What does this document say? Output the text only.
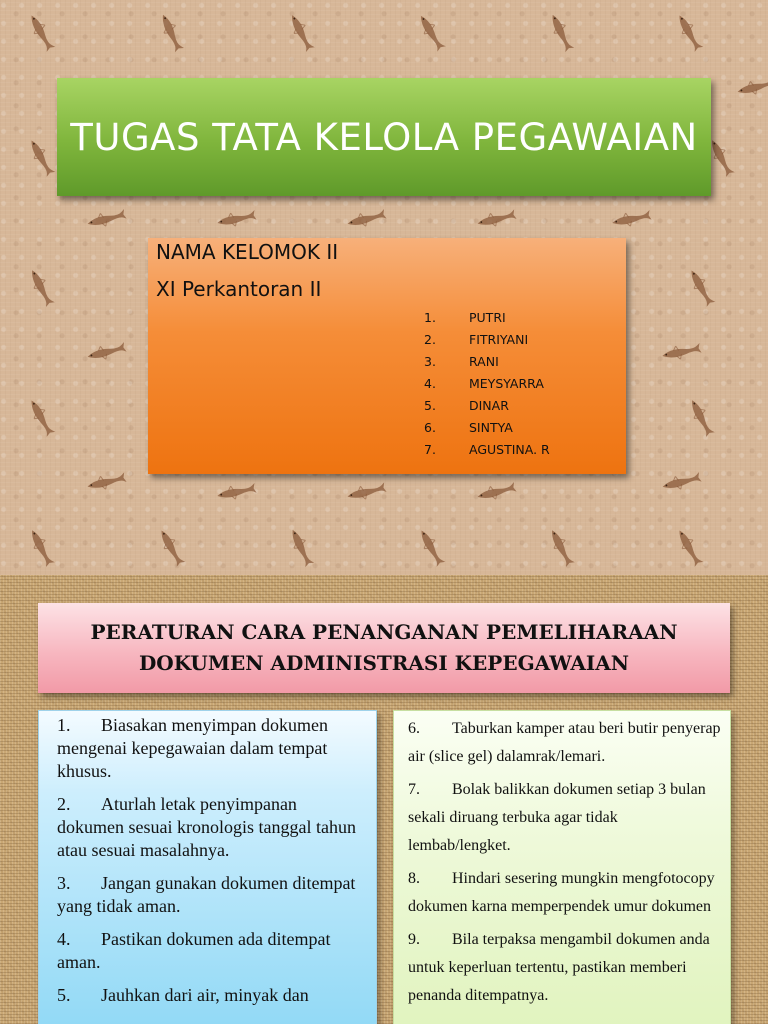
TUGAS TATA KELOLA PEGAWAIAN
NAMA KELOMOK II
XI Perkantoran II
1.	PUTRI
2.	FITRIYANI
3.	RANI
4.	MEYSYARRA
5.	DINAR
6.	SINTYA
7.	AGUSTINA. R
PERATURAN CARA PENANGANAN PEMELIHARAAN
DOKUMEN ADMINISTRASI KEPEGAWAIAN

1. Biasakan menyimpan dokumen mengenai kepegawaian dalam tempat khusus.

2. Aturlah letak penyimpanan dokumen sesuai kronologis tanggal tahun atau sesuai masalahnya.

3. Jangan gunakan dokumen ditempat yang tidak aman.

4. Pastikan dokumen ada ditempat aman.

5. Jauhkan dari air, minyak dan

6. Taburkan kamper atau beri butir penyerap air (slice gel) dalamrak/lemari.

7. Bolak balikkan dokumen setiap 3 bulan sekali diruang terbuka agar tidak lembab/lengket.

8. Hindari sesering mungkin mengfotocopy dokumen karna memperpendek umur dokumen

9. Bila terpaksa mengambil dokumen anda untuk keperluan tertentu, pastikan memberi penanda ditempatnya.
